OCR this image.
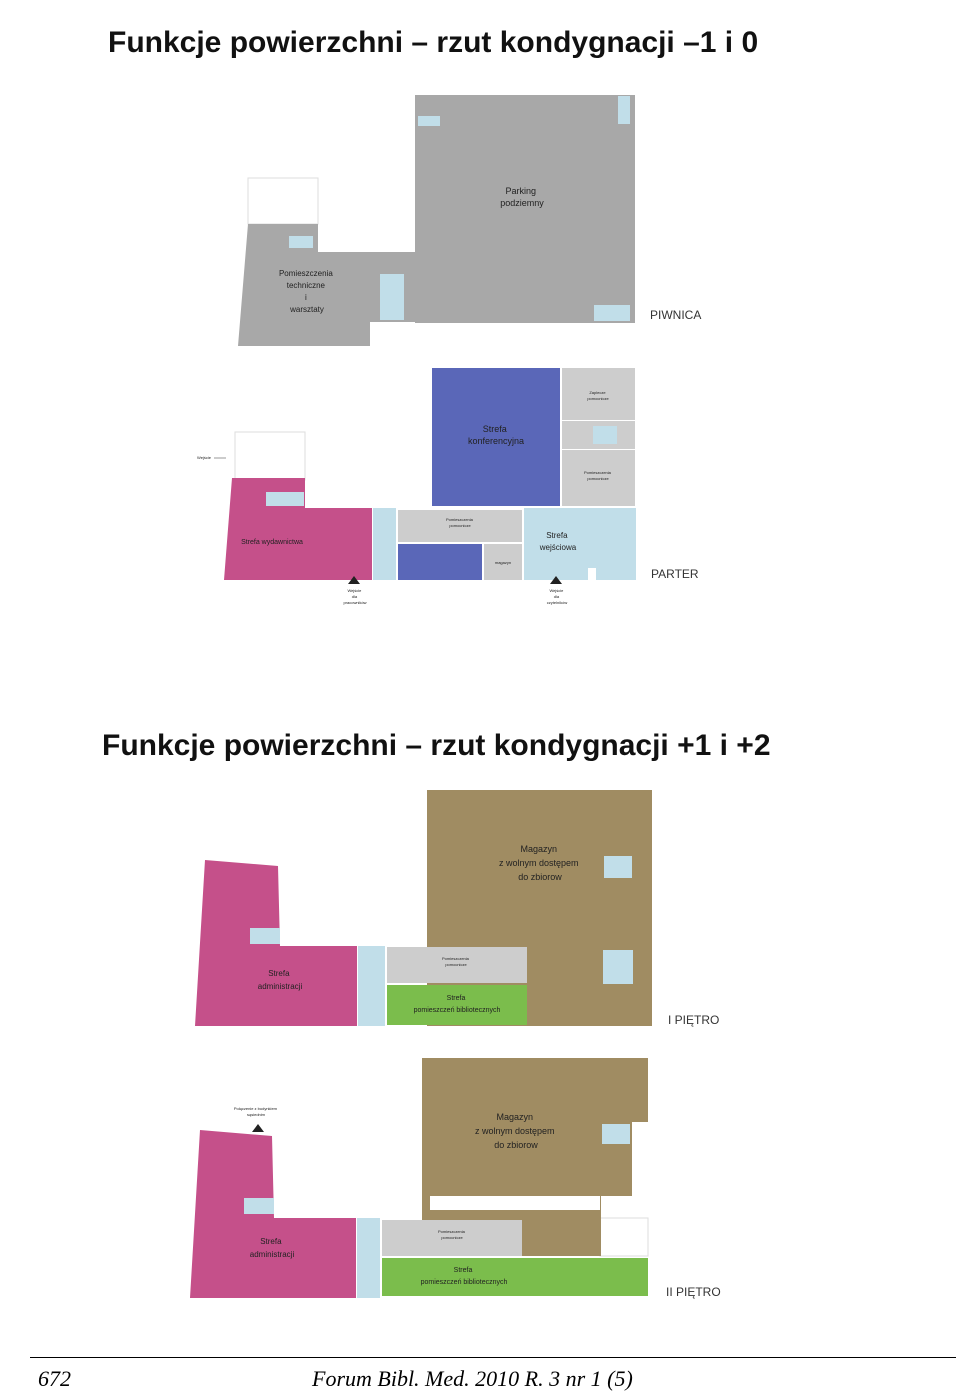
Funkcje powierzchni – rzut kondygnacji –1 i 0
Parking podziemny
Pomieszczenia techniczne i warsztaty	PIWNICA
Strefa konferencyjna
Zaplecze pomocnicze
Pomieszczenia pomocnicze
Strefa wydawnictwa
Pomieszczenia pomocnicze
magazyn
Strefa wejściowa
Wejście
Wejście dla pracowników
Wejście dla czytelników
PARTER
Funkcje powierzchni – rzut kondygnacji +1 i +2
Magazyn z wolnym dostępem do zbiorow
Strefa administracji
Pomieszczenia pomocnicze
Strefa pomieszczeń bibliotecznych
I PIĘTRO
Magazyn z wolnym dostępem do zbiorow
Strefa administracji
Pomieszczenia pomocnicze
Strefa pomieszczeń bibliotecznych
Połączenie z budynkiem sąsiednim
II PIĘTRO
672	Forum Bibl. Med. 2010 R. 3 nr 1 (5)
